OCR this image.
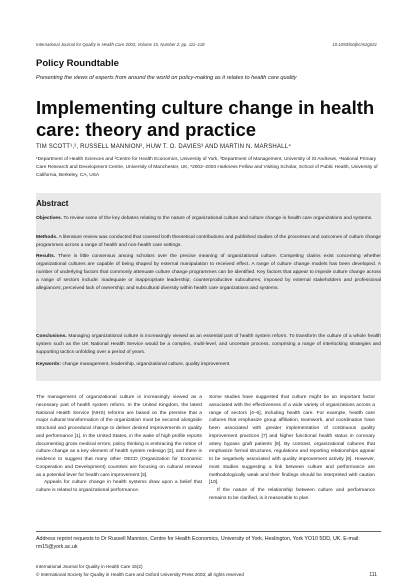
International Journal for Quality in Health Care 2003; Volume 15, Number 2: pp. 111–118	10.1093/intqhc/mzg021
Policy Roundtable
Presenting the views of experts from around the world on policy-making as it relates to health care quality
Implementing culture change in health care: theory and practice
TIM SCOTT¹,², RUSSELL MANNION², HUW T. O. DAVIES³ AND MARTIN N. MARSHALL⁴
¹Department of Health Sciences and ²Centre for Health Economics, University of York, ³Department of Management, University of St Andrews, ⁴National Primary Care Research and Development Centre, University of Manchester, UK, ⁵2002–2003 Harkness Fellow and Visiting Scholar, School of Public Health, University of California, Berkeley, CA, USA
Abstract
Objectives. To review some of the key debates relating to the nature of organizational culture and culture change in health care organizations and systems.
Methods. A literature review was conducted that covered both theoretical contributions and published studies of the processes and outcomes of culture change programmes across a range of health and non-health care settings.
Results. There is little consensus among scholars over the precise meaning of organizational culture. Competing claims exist concerning whether organizational cultures are capable of being shaped by external manipulation to received effect. A range of culture change models has been developed. A number of underlying factors that commonly attenuate culture change programmes can be identified. Key factors that appear to impede culture change across a range of sectors include: inadequate or inappropriate leadership; counterproductive subcultures; imposed by external stakeholders and professional allegiances; perceived lack of ownership; and subcultural diversity within health care organizations and systems.
Conclusions. Managing organizational culture is increasingly viewed as an essential part of health system reform. To transform the culture of a whole health system such as the UK National Health Service would be a complex, multi-level, and uncertain process, comprising a range of interlocking strategies and supporting tactics unfolding over a period of years.
Keywords: change management, leadership, organizational culture, quality improvement

The management of organizational culture is increasingly viewed as a necessary part of health system reform. In the United Kingdom, the latest National Health Service (NHS) reforms are based on the premise that a major cultural transformation of the organization must be secured alongside structural and procedural change to deliver desired improvements in quality and performance [1]. In the United States, in the wake of high profile reports documenting gross medical errors, policy thinking is embracing the notion of culture change as a key element of health system redesign [2], and there is evidence to suggest that many other OECD (Organization for Economic Cooperation and Development) countries are focusing on cultural renewal as a potential lever for health care improvement [3].

Appeals for culture change in health systems draw upon a belief that culture is related to organizational performance.

Some studies have suggested that culture might be an important factor associated with the effectiveness of a wide variety of organizations across a range of sectors [4–6], including health care. For example, health care cultures that emphasize group affiliation, teamwork, and coordination have been associated with greater implementation of continuous quality improvement practices [7] and higher functional health status in coronary artery bypass graft patients [8]. By contrast, organizational cultures that emphasize formal structures, regulations and reporting relationships appear to be negatively associated with quality improvement activity [9]. However, most studies suggesting a link between culture and performance are methodologically weak and their findings should be interpreted with caution [10].

If the nature of the relationship between culture and performance remains to be clarified, is it reasonable to plan

Address reprint requests to Dr Russell Mannion, Centre for Health Economics, University of York, Heslington, York YO10 5DD, UK. E-mail: rm15@york.ac.uk
International Journal for Quality in Health Care 15(2)
© International Society for Quality in Health Care and Oxford University Press 2003; all rights reserved	111
